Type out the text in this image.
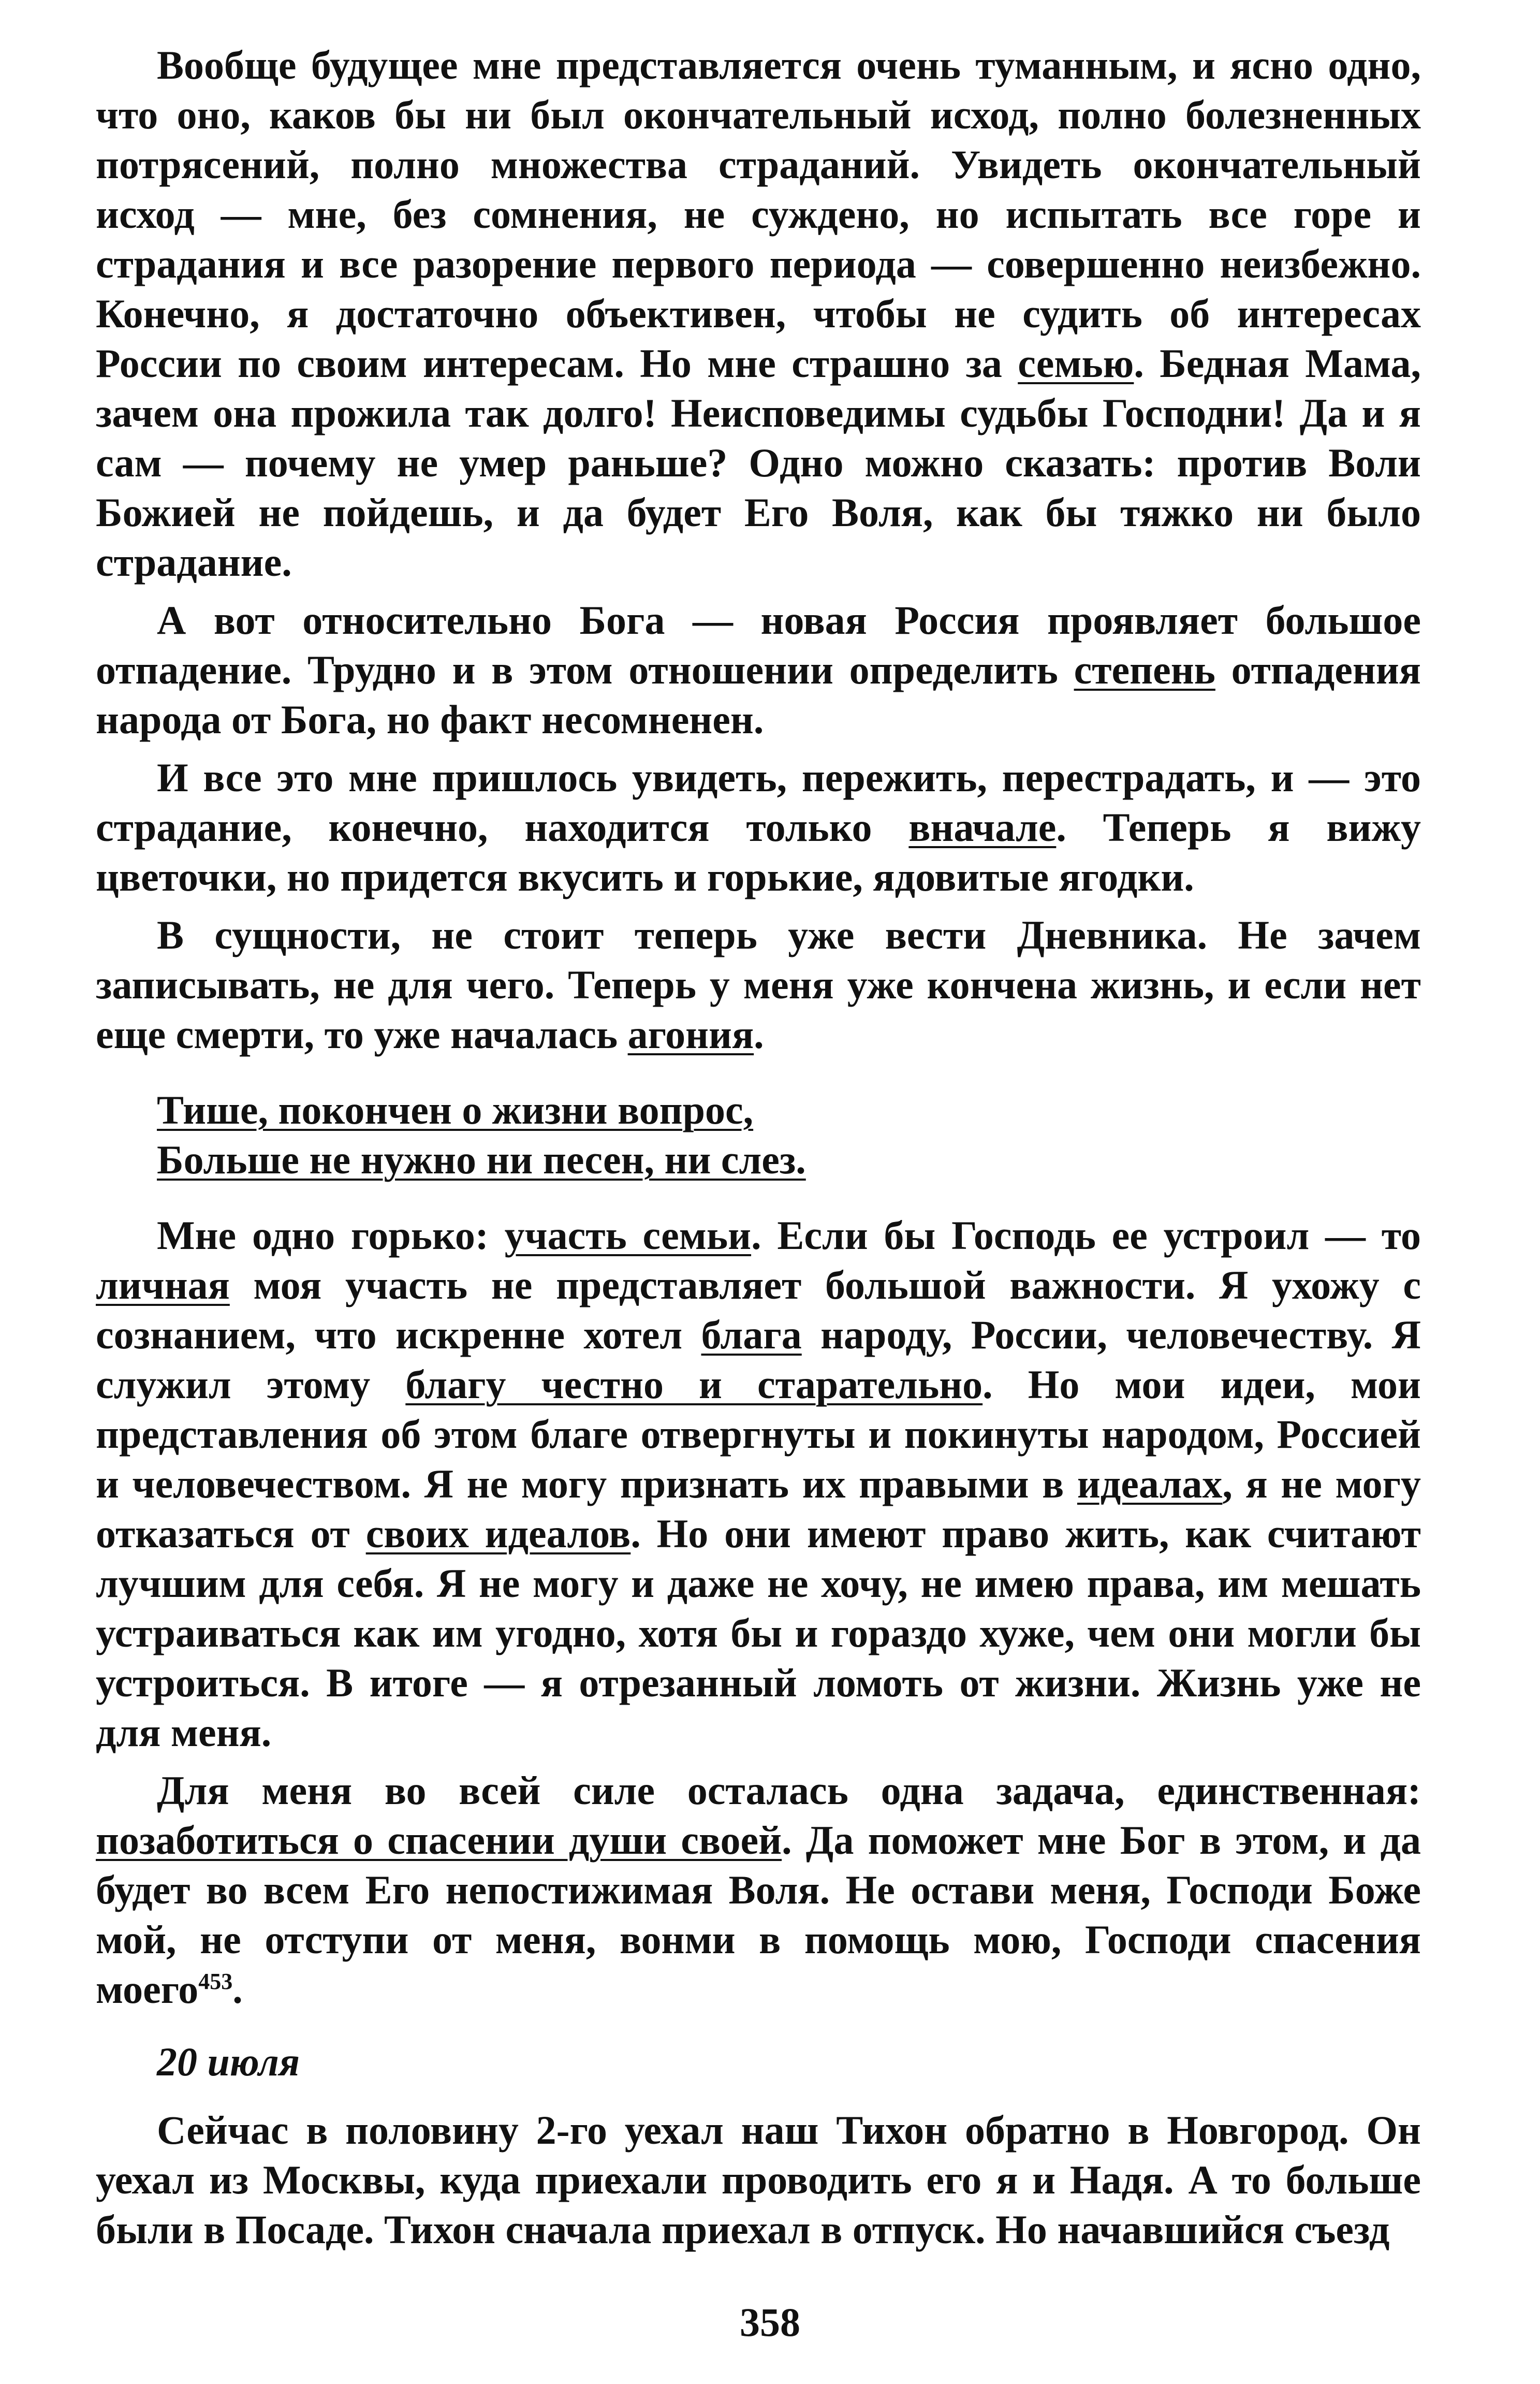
Вообще будущее мне представляется очень туманным, и ясно одно, что оно, каков бы ни был окончательный исход, полно болезненных потрясений, полно множества страданий. Увидеть окончательный исход — мне, без сомнения, не суждено, но испытать все горе и страдания и все разорение первого периода — совершенно неизбежно. Конечно, я достаточно объективен, чтобы не судить об интересах России по своим интересам. Но мне страшно за семью. Бедная Мама, зачем она прожила так долго! Неисповедимы судьбы Господни! Да и я сам — почему не умер раньше? Одно можно сказать: против Воли Божией не пойдешь, и да будет Его Воля, как бы тяжко ни было страдание.

А вот относительно Бога — новая Россия проявляет большое отпадение. Трудно и в этом отношении определить степень отпадения народа от Бога, но факт несомненен.

И все это мне пришлось увидеть, пережить, перестрадать, и — это страдание, конечно, находится только вначале. Теперь я вижу цветочки, но придется вкусить и горькие, ядовитые ягодки.

В сущности, не стоит теперь уже вести Дневника. Не зачем записывать, не для чего. Теперь у меня уже кончена жизнь, и если нет еще смерти, то уже началась агония.

Тише, покончен о жизни вопрос,
Больше не нужно ни песен, ни слез.

Мне одно горько: участь семьи. Если бы Господь ее устроил — то личная моя участь не представляет большой важности. Я ухожу с сознанием, что искренне хотел блага народу, России, человечеству. Я служил этому благу честно и старательно. Но мои идеи, мои представления об этом благе отвергнуты и покинуты народом, Россией и человечеством. Я не могу признать их правыми в идеалах, я не могу отказаться от своих идеалов. Но они имеют право жить, как считают лучшим для себя. Я не могу и даже не хочу, не имею права, им мешать устраиваться как им угодно, хотя бы и гораздо хуже, чем они могли бы устроиться. В итоге — я отрезанный ломоть от жизни. Жизнь уже не для меня.

Для меня во всей силе осталась одна задача, единственная: позаботиться о спасении души своей. Да поможет мне Бог в этом, и да будет во всем Его непостижимая Воля. Не остави меня, Господи Боже мой, не отступи от меня, вонми в помощь мою, Господи спасения моего$^{453}$.

20 июля

Сейчас в половину 2-го уехал наш Тихон обратно в Новгород. Он уехал из Москвы, куда приехали проводить его я и Надя. А то больше были в Посаде. Тихон сначала приехал в отпуск. Но начавшийся съезд

358
